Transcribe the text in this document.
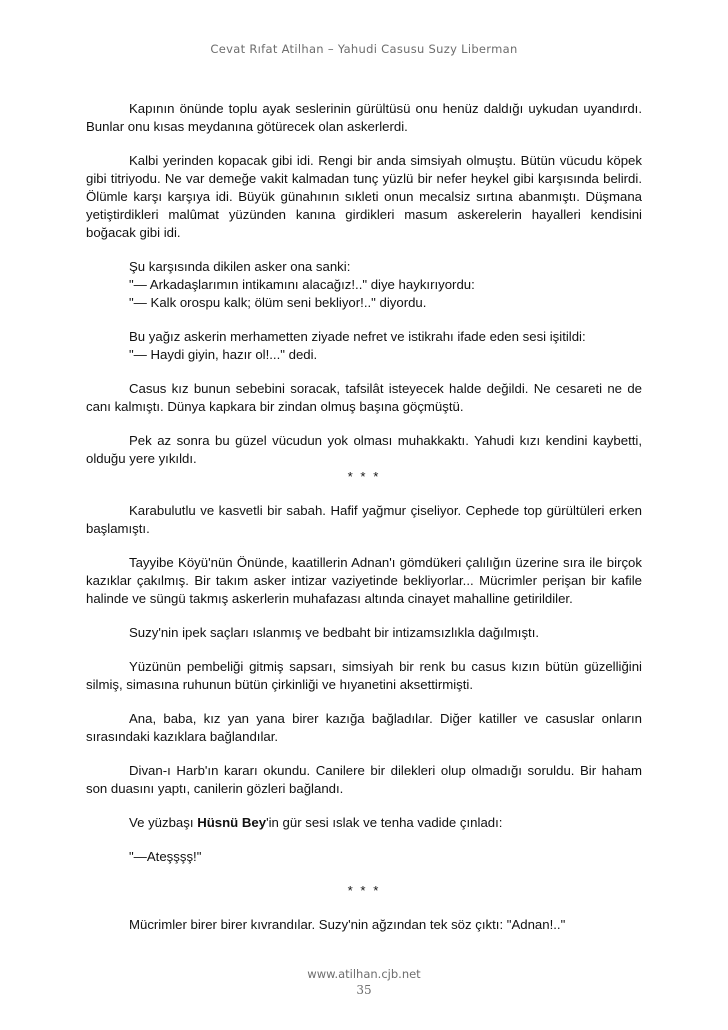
Cevat Rıfat Atilhan – Yahudi Casusu Suzy Liberman

Kapının önünde toplu ayak seslerinin gürültüsü onu henüz daldığı uykudan uyandırdı. Bunlar onu kısas meydanına götürecek olan askerlerdi.

Kalbi yerinden kopacak gibi idi. Rengi bir anda simsiyah olmuştu. Bütün vücudu köpek gibi titriyodu. Ne var demeğe vakit kalmadan tunç yüzlü bir nefer heykel gibi karşısında belirdi. Ölümle karşı karşıya idi. Büyük günahının sıkleti onun mecalsiz sırtına abanmıştı. Düşmana yetiştirdikleri malûmat yüzünden kanına girdikleri masum askerelerin hayalleri kendisini boğacak gibi idi.

Şu karşısında dikilen asker ona sanki:
"— Arkadaşlarımın intikamını alacağız!.." diye haykırıyordu:
"— Kalk orospu kalk; ölüm seni bekliyor!.." diyordu.
Bu yağız askerin merhametten ziyade nefret ve istikrahı ifade eden sesi işitildi:
"— Haydi giyin, hazır ol!..." dedi.

Casus kız bunun sebebini soracak, tafsilât isteyecek halde değildi. Ne cesareti ne de canı kalmıştı. Dünya kapkara bir zindan olmuş başına göçmüştü.

Pek az sonra bu güzel vücudun yok olması muhakkaktı. Yahudi kızı kendini kaybetti, olduğu yere yıkıldı.

* * *

Karabulutlu ve kasvetli bir sabah. Hafif yağmur çiseliyor. Cephede top gürültüleri erken başlamıştı.

Tayyibe Köyü'nün Önünde, kaatillerin Adnan'ı gömdükeri çalılığın üzerine sıra ile birçok kazıklar çakılmış. Bir takım asker intizar vaziyetinde bekliyorlar... Mücrimler perişan bir kafile halinde ve süngü takmış askerlerin muhafazası altında cinayet mahalline getirildiler.

Suzy'nin ipek saçları ıslanmış ve bedbaht bir intizamsızlıkla dağılmıştı.

Yüzünün pembeliği gitmiş sapsarı, simsiyah bir renk bu casus kızın bütün güzelliğini silmiş, simasına ruhunun bütün çirkinliği ve hıyanetini aksettirmişti.

Ana, baba, kız yan yana birer kazığa bağladılar. Diğer katiller ve casuslar onların sırasındaki kazıklara bağlandılar.

Divan-ı Harb'ın kararı okundu. Canilere bir dilekleri olup olmadığı soruldu. Bir haham son duasını yaptı, canilerin gözleri bağlandı.

Ve yüzbaşı Hüsnü Bey'in gür sesi ıslak ve tenha vadide çınladı:

"—Ateşşşş!"

* * *

Mücrimler birer birer kıvrandılar. Suzy'nin ağzından tek söz çıktı: "Adnan!.."

www.atilhan.cjb.net
35
